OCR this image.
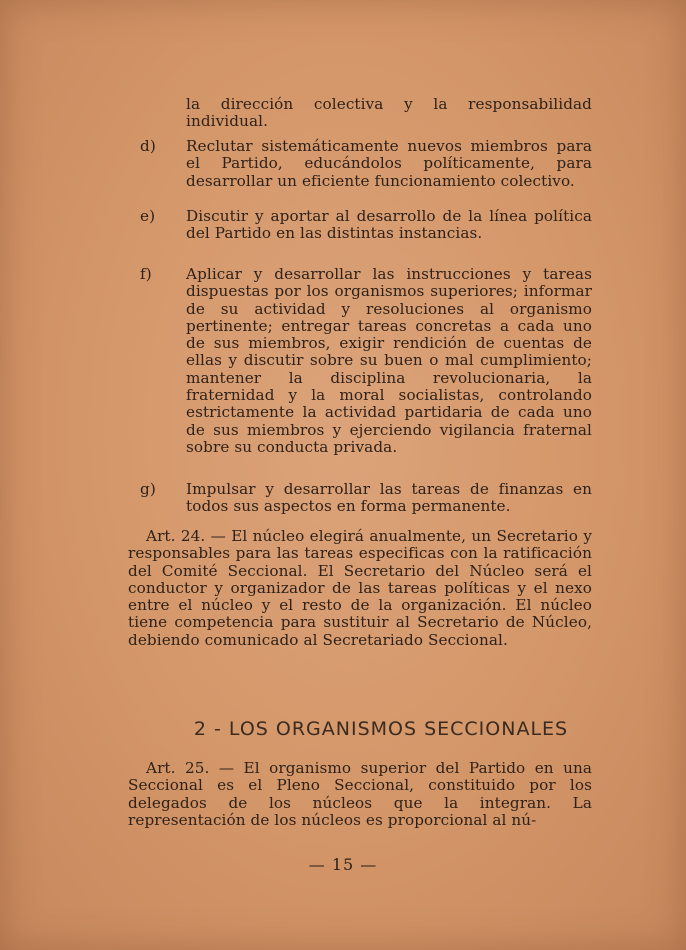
la dirección colectiva y la responsabilidad individual.
d)	Reclutar sistemáticamente nuevos miembros para el Partido, educándolos políticamente, para desarrollar un eficiente funcionamiento colectivo.
e)	Discutir y aportar al desarrollo de la línea política del Partido en las distintas instancias.
f)	Aplicar y desarrollar las instrucciones y tareas dispuestas por los organismos superiores; informar de su actividad y resoluciones al organismo pertinente; entregar tareas concretas a cada uno de sus miembros, exigir rendición de cuentas de ellas y discutir sobre su buen o mal cumplimiento; mantener la disciplina revolucionaria, la fraternidad y la moral socialistas, controlando estrictamente la actividad partidaria de cada uno de sus miembros y ejerciendo vigilancia fraternal sobre su conducta privada.
g)	Impulsar y desarrollar las tareas de finanzas en todos sus aspectos en forma permanente.
Art. 24. — El núcleo elegirá anualmente, un Secretario y responsables para las tareas especificas con la ratificación del Comité Seccional. El Secretario del Núcleo será el conductor y organizador de las tareas políticas y el nexo entre el núcleo y el resto de la organización. El núcleo tiene competencia para sustituir al Secretario de Núcleo, debiendo comunicado al Secretariado Seccional.
2 - LOS ORGANISMOS SECCIONALES
Art. 25. — El organismo superior del Partido en una Seccional es el Pleno Seccional, constituido por los delegados de los núcleos que la integran. La representación de los núcleos es proporcional al nú-
— 15 —
